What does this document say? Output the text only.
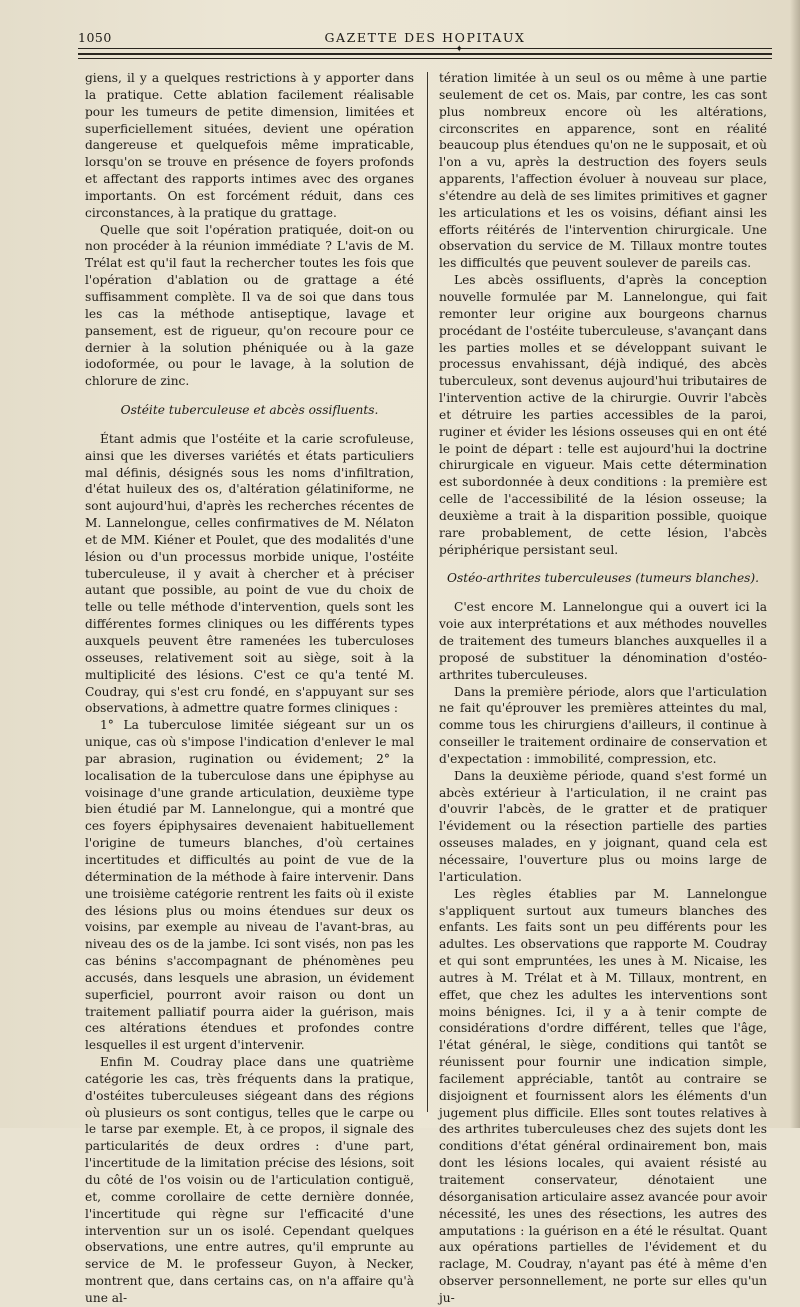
1050	GAZETTE DES HOPITAUX
✦

giens, il y a quelques restrictions à y apporter dans la pratique. Cette ablation facilement réalisable pour les tumeurs de petite dimension, limitées et superficiellement situées, devient une opération dangereuse et quelquefois même impraticable, lorsqu'on se trouve en présence de foyers profonds et affectant des rapports intimes avec des organes importants. On est forcément réduit, dans ces circonstances, à la pratique du grattage.

Quelle que soit l'opération pratiquée, doit-on ou non procéder à la réunion immédiate ? L'avis de M. Trélat est qu'il faut la rechercher toutes les fois que l'opération d'ablation ou de grattage a été suffisamment complète. Il va de soi que dans tous les cas la méthode antiseptique, lavage et pansement, est de rigueur, qu'on recoure pour ce dernier à la solution phéniquée ou à la gaze iodoformée, ou pour le lavage, à la solution de chlorure de zinc.

Ostéite tuberculeuse et abcès ossifluents.

Étant admis que l'ostéite et la carie scrofuleuse, ainsi que les diverses variétés et états particuliers mal définis, désignés sous les noms d'infiltration, d'état huileux des os, d'altération gélatiniforme, ne sont aujourd'hui, d'après les recherches récentes de M. Lannelongue, celles confirmatives de M. Nélaton et de MM. Kiéner et Poulet, que des modalités d'une lésion ou d'un processus morbide unique, l'ostéite tuberculeuse, il y avait à chercher et à préciser autant que possible, au point de vue du choix de telle ou telle méthode d'intervention, quels sont les différentes formes cliniques ou les différents types auxquels peuvent être ramenées les tuberculoses osseuses, relativement soit au siège, soit à la multiplicité des lésions. C'est ce qu'a tenté M. Coudray, qui s'est cru fondé, en s'appuyant sur ses observations, à admettre quatre formes cliniques :

1° La tuberculose limitée siégeant sur un os unique, cas où s'impose l'indication d'enlever le mal par abrasion, rugination ou évidement; 2° la localisation de la tuberculose dans une épiphyse au voisinage d'une grande articulation, deuxième type bien étudié par M. Lannelongue, qui a montré que ces foyers épiphysaires devenaient habituellement l'origine de tumeurs blanches, d'où certaines incertitudes et difficultés au point de vue de la détermination de la méthode à faire intervenir. Dans une troisième catégorie rentrent les faits où il existe des lésions plus ou moins étendues sur deux os voisins, par exemple au niveau de l'avant-bras, au niveau des os de la jambe. Ici sont visés, non pas les cas bénins s'accompagnant de phénomènes peu accusés, dans lesquels une abrasion, un évidement superficiel, pourront avoir raison ou dont un traitement palliatif pourra aider la guérison, mais ces altérations étendues et profondes contre lesquelles il est urgent d'intervenir.

Enfin M. Coudray place dans une quatrième catégorie les cas, très fréquents dans la pratique, d'ostéites tuberculeuses siégeant dans des régions où plusieurs os sont contigus, telles que le carpe ou le tarse par exemple. Et, à ce propos, il signale des particularités de deux ordres : d'une part, l'incertitude de la limitation précise des lésions, soit du côté de l'os voisin ou de l'articulation contiguë, et, comme corollaire de cette dernière donnée, l'incertitude qui règne sur l'efficacité d'une intervention sur un os isolé. Cependant quelques observations, une entre autres, qu'il emprunte au service de M. le professeur Guyon, à Necker, montrent que, dans certains cas, on n'a affaire qu'à une al-

tération limitée à un seul os ou même à une partie seulement de cet os. Mais, par contre, les cas sont plus nombreux encore où les altérations, circonscrites en apparence, sont en réalité beaucoup plus étendues qu'on ne le supposait, et où l'on a vu, après la destruction des foyers seuls apparents, l'affection évoluer à nouveau sur place, s'étendre au delà de ses limites primitives et gagner les articulations et les os voisins, défiant ainsi les efforts réitérés de l'intervention chirurgicale. Une observation du service de M. Tillaux montre toutes les difficultés que peuvent soulever de pareils cas.

Les abcès ossifluents, d'après la conception nouvelle formulée par M. Lannelongue, qui fait remonter leur origine aux bourgeons charnus procédant de l'ostéite tuberculeuse, s'avançant dans les parties molles et se développant suivant le processus envahissant, déjà indiqué, des abcès tuberculeux, sont devenus aujourd'hui tributaires de l'intervention active de la chirurgie. Ouvrir l'abcès et détruire les parties accessibles de la paroi, ruginer et évider les lésions osseuses qui en ont été le point de départ : telle est aujourd'hui la doctrine chirurgicale en vigueur. Mais cette détermination est subordonnée à deux conditions : la première est celle de l'accessibilité de la lésion osseuse; la deuxième a trait à la disparition possible, quoique rare probablement, de cette lésion, l'abcès périphérique persistant seul.

Ostéo-arthrites tuberculeuses (tumeurs blanches).

C'est encore M. Lannelongue qui a ouvert ici la voie aux interprétations et aux méthodes nouvelles de traitement des tumeurs blanches auxquelles il a proposé de substituer la dénomination d'ostéo-arthrites tuberculeuses.

Dans la première période, alors que l'articulation ne fait qu'éprouver les premières atteintes du mal, comme tous les chirurgiens d'ailleurs, il continue à conseiller le traitement ordinaire de conservation et d'expectation : immobilité, compression, etc.

Dans la deuxième période, quand s'est formé un abcès extérieur à l'articulation, il ne craint pas d'ouvrir l'abcès, de le gratter et de pratiquer l'évidement ou la résection partielle des parties osseuses malades, en y joignant, quand cela est nécessaire, l'ouverture plus ou moins large de l'articulation.

Les règles établies par M. Lannelongue s'appliquent surtout aux tumeurs blanches des enfants. Les faits sont un peu différents pour les adultes. Les observations que rapporte M. Coudray et qui sont empruntées, les unes à M. Nicaise, les autres à M. Trélat et à M. Tillaux, montrent, en effet, que chez les adultes les interventions sont moins bénignes. Ici, il y a à tenir compte de considérations d'ordre différent, telles que l'âge, l'état général, le siège, conditions qui tantôt se réunissent pour fournir une indication simple, facilement appréciable, tantôt au contraire se disjoignent et fournissent alors les éléments d'un jugement plus difficile. Elles sont toutes relatives à des arthrites tuberculeuses chez des sujets dont les conditions d'état général ordinairement bon, mais dont les lésions locales, qui avaient résisté au traitement conservateur, dénotaient une désorganisation articulaire assez avancée pour avoir nécessité, les unes des résections, les autres des amputations : la guérison en a été le résultat. Quant aux opérations partielles de l'évidement et du raclage, M. Coudray, n'ayant pas été à même d'en observer personnellement, ne porte sur elles qu'un ju-
